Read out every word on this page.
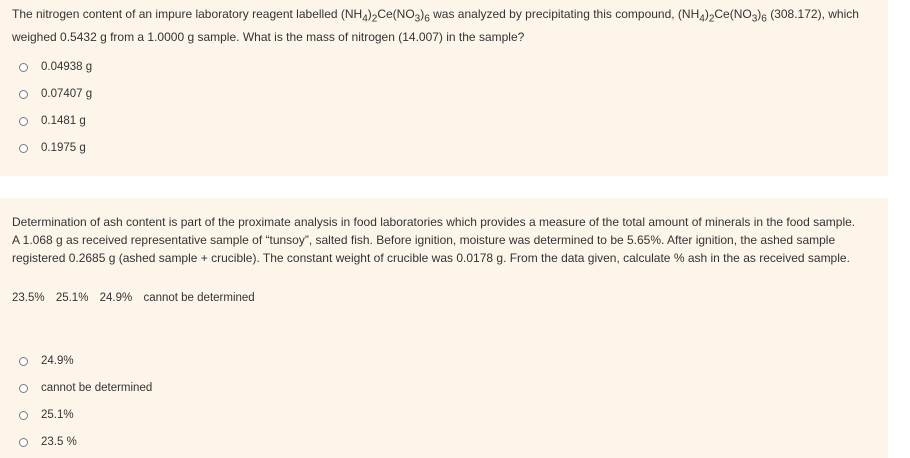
The nitrogen content of an impure laboratory reagent labelled $(NH_4)_2Ce(NO_3)_6$ was analyzed by precipitating this compound, $(NH_4)_2Ce(NO_3)_6$ (308.172), which weighed 0.5432 g from a 1.0000 g sample. What is the mass of nitrogen (14.007) in the sample?
0.04938 g
0.07407 g
0.1481 g
0.1975 g
Determination of ash content is part of the proximate analysis in food laboratories which provides a measure of the total amount of minerals in the food sample. A 1.068 g as received representative sample of “tunsoy”, salted fish. Before ignition, moisture was determined to be 5.65%. After ignition, the ashed sample registered 0.2685 g (ashed sample + crucible). The constant weight of crucible was 0.0178 g. From the data given, calculate % ash in the as received sample.
23.5% 25.1% 24.9% cannot be determined
24.9%
cannot be determined
25.1%
23.5 %
